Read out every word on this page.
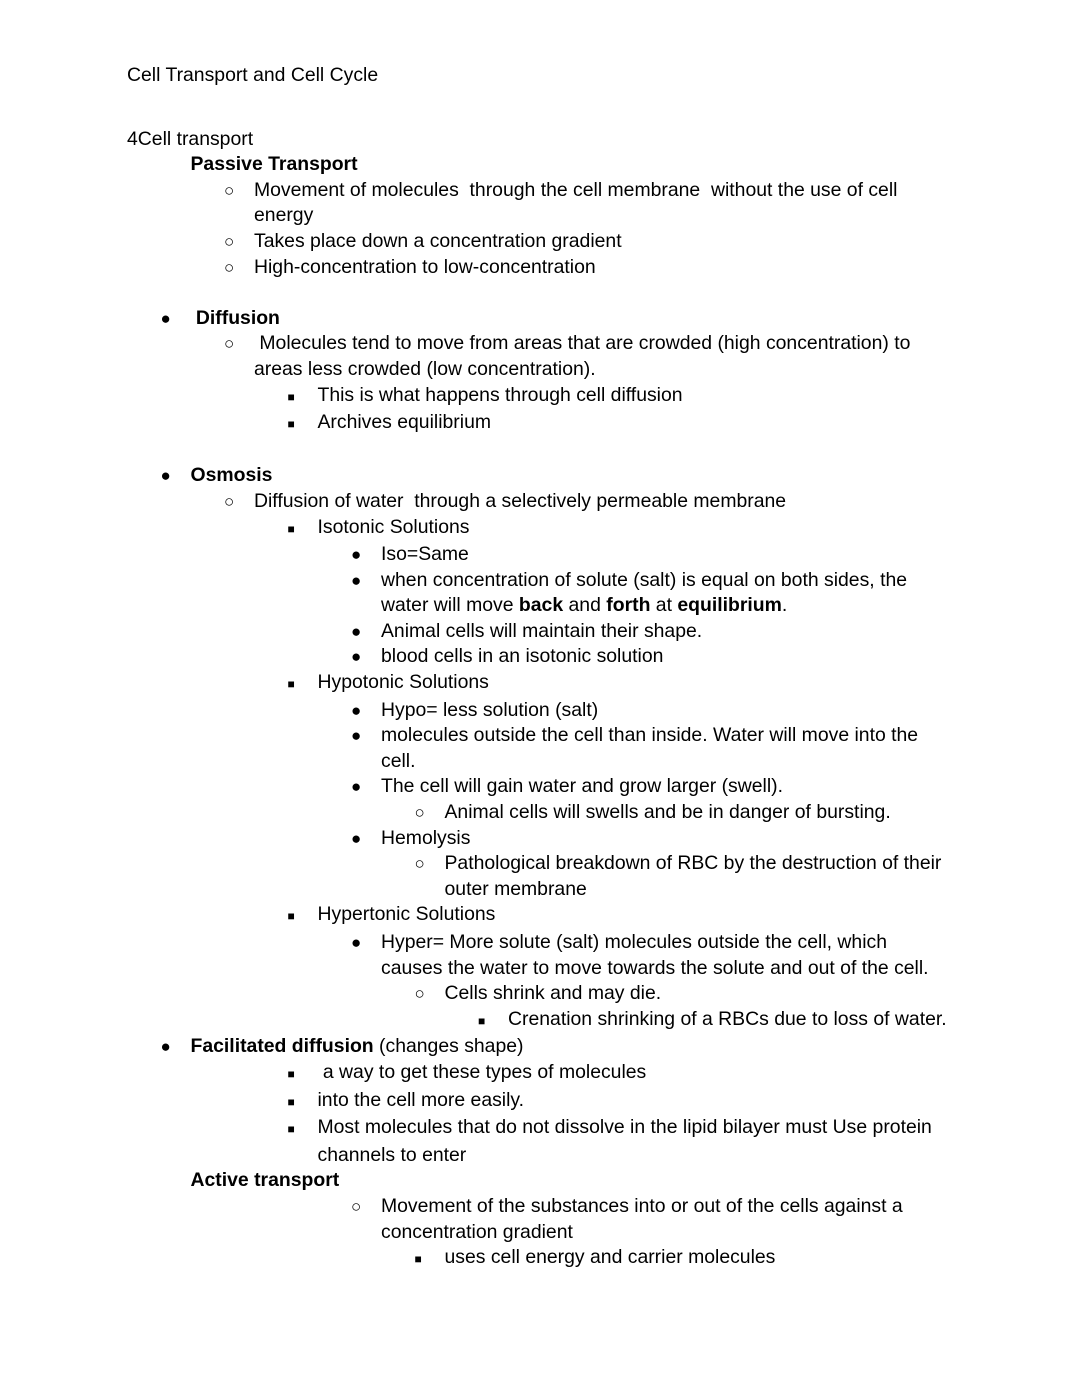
Cell Transport and Cell Cycle
4Cell transport
Passive Transport
○ Movement of molecules  through the cell membrane  without the use of cell energy
○ Takes place down a concentration gradient
○ High-concentration to low-concentration
● Diffusion
○ Molecules tend to move from areas that are crowded (high concentration) to areas less crowded (low concentration).
■ This is what happens through cell diffusion
■ Archives equilibrium
● Osmosis
○ Diffusion of water  through a selectively permeable membrane
■ Isotonic Solutions
● Iso=Same
● when concentration of solute (salt) is equal on both sides, the water will move back and forth at equilibrium.
● Animal cells will maintain their shape.
● blood cells in an isotonic solution
■ Hypotonic Solutions
● Hypo= less solution (salt)
● molecules outside the cell than inside. Water will move into the cell.
● The cell will gain water and grow larger (swell).
○ Animal cells will swells and be in danger of bursting.
● Hemolysis
○ Pathological breakdown of RBC by the destruction of their outer membrane
■ Hypertonic Solutions
● Hyper= More solute (salt) molecules outside the cell, which causes the water to move towards the solute and out of the cell.
○ Cells shrink and may die.
■ Crenation shrinking of a RBCs due to loss of water.
● Facilitated diffusion (changes shape)
■ a way to get these types of molecules
■ into the cell more easily.
■ Most molecules that do not dissolve in the lipid bilayer must Use protein channels to enter
Active transport
○ Movement of the substances into or out of the cells against a concentration gradient
■ uses cell energy and carrier molecules
